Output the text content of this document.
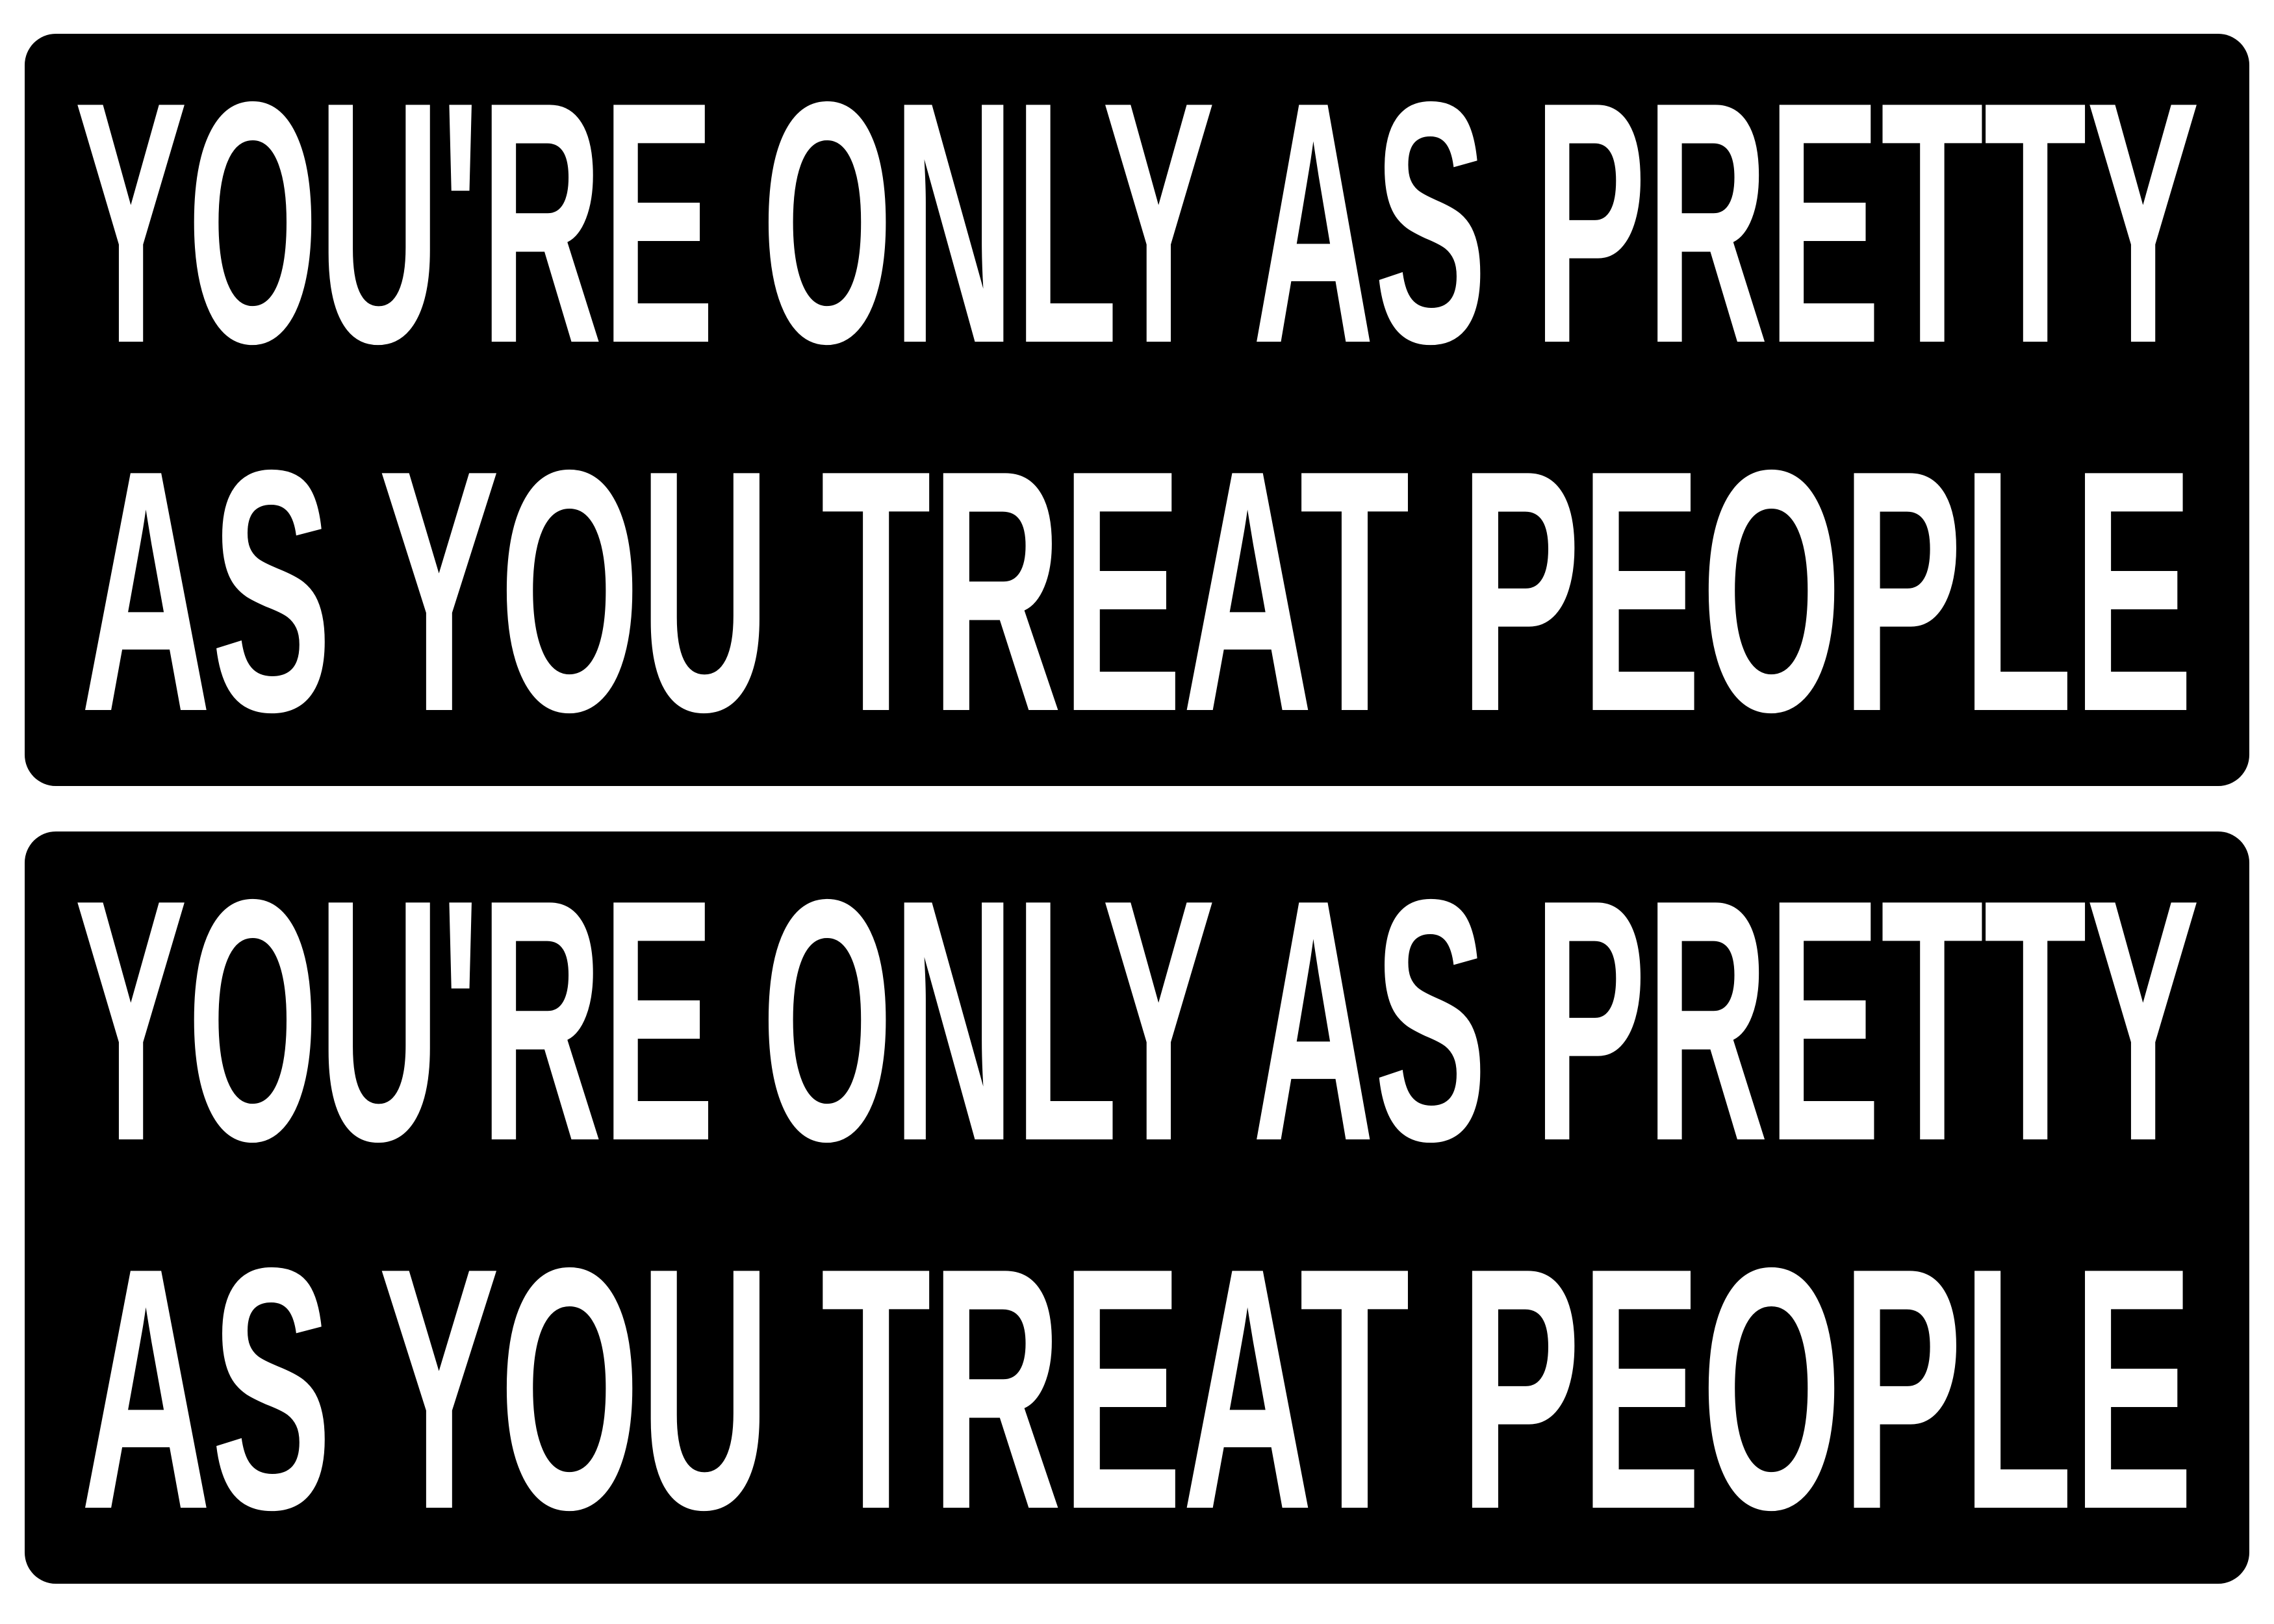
YOU'RE ONLY AS PRETTY
AS YOU TREAT PEOPLE
YOU'RE ONLY AS PRETTY
AS YOU TREAT PEOPLE
